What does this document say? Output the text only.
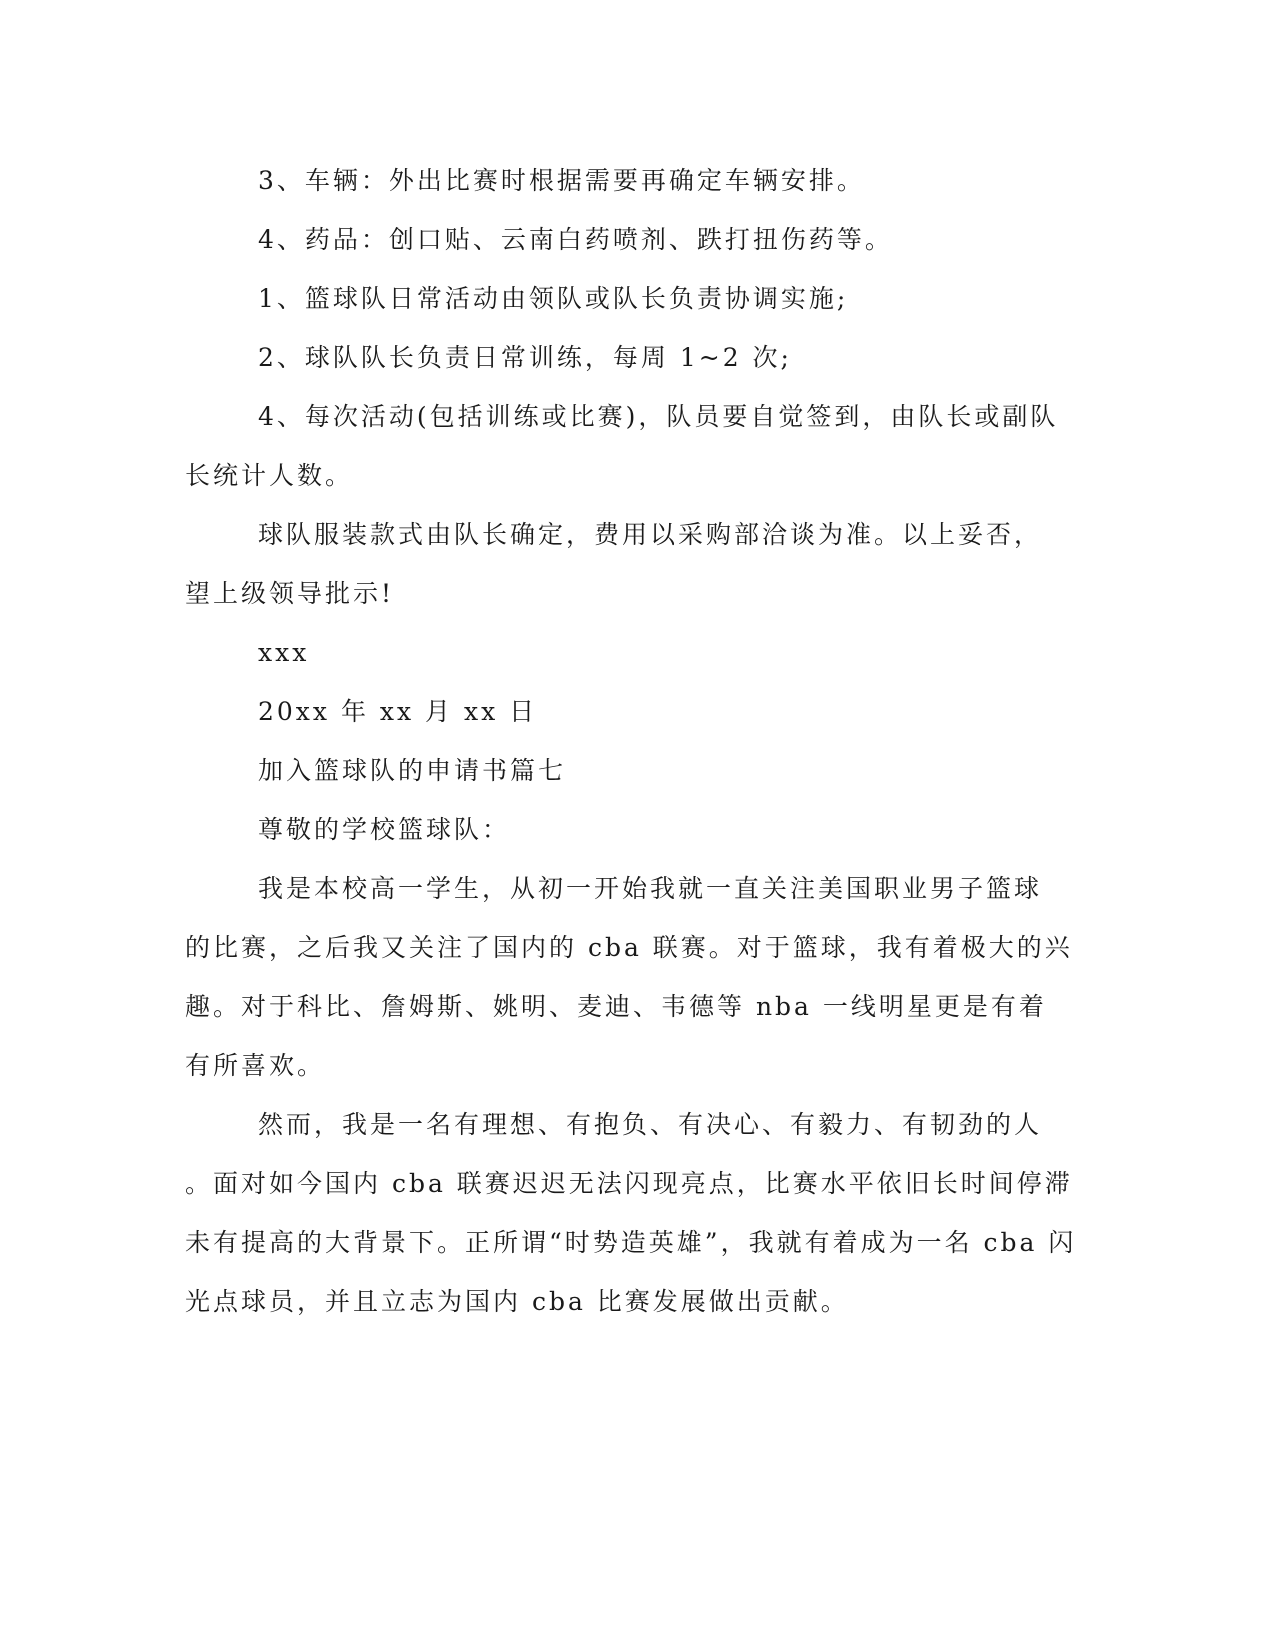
3、车辆：外出比赛时根据需要再确定车辆安排。
4、药品：创口贴、云南白药喷剂、跌打扭伤药等。
1、篮球队日常活动由领队或队长负责协调实施;
2、球队队长负责日常训练，每周 1~2 次;
4、每次活动(包括训练或比赛)，队员要自觉签到，由队长或副队
长统计人数。
球队服装款式由队长确定，费用以采购部洽谈为准。以上妥否，
望上级领导批示!
xxx
20xx 年 xx 月 xx 日
加入篮球队的申请书篇七
尊敬的学校篮球队：
我是本校高一学生，从初一开始我就一直关注美国职业男子篮球
的比赛，之后我又关注了国内的 cba 联赛。对于篮球，我有着极大的兴
趣。对于科比、詹姆斯、姚明、麦迪、韦德等 nba 一线明星更是有着
有所喜欢。
然而，我是一名有理想、有抱负、有决心、有毅力、有韧劲的人
。面对如今国内 cba 联赛迟迟无法闪现亮点，比赛水平依旧长时间停滞
未有提高的大背景下。正所谓“时势造英雄”，我就有着成为一名 cba 闪
光点球员，并且立志为国内 cba 比赛发展做出贡献。
